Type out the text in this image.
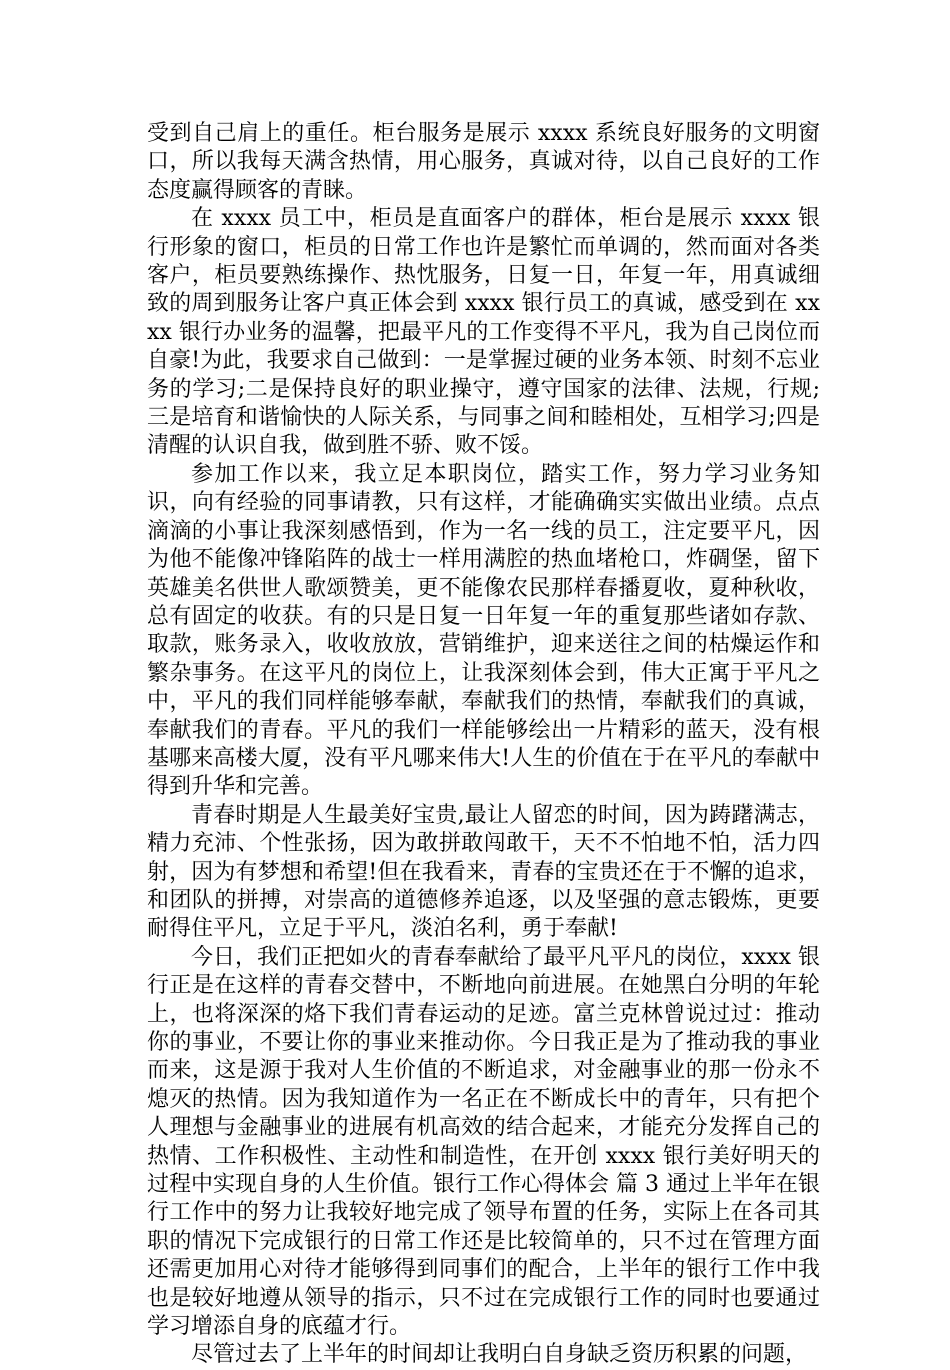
受到自己肩上的重任。柜台服务是展示 xxxx 系统良好服务的文明窗口，所以我每天满含热情，用心服务，真诚对待，以自己良好的工作态度赢得顾客的青睐。

在 xxxx 员工中，柜员是直面客户的群体，柜台是展示 xxxx 银行形象的窗口，柜员的日常工作也许是繁忙而单调的，然而面对各类客户，柜员要熟练操作、热忱服务，日复一日，年复一年，用真诚细致的周到服务让客户真正体会到 xxxx 银行员工的真诚，感受到在 xxxx 银行办业务的温馨，把最平凡的工作变得不平凡，我为自己岗位而自豪!为此，我要求自己做到：一是掌握过硬的业务本领、时刻不忘业务的学习;二是保持良好的职业操守，遵守国家的法律、法规，行规;三是培育和谐愉快的人际关系，与同事之间和睦相处，互相学习;四是清醒的认识自我，做到胜不骄、败不馁。

参加工作以来，我立足本职岗位，踏实工作，努力学习业务知识，向有经验的同事请教，只有这样，才能确确实实做出业绩。点点滴滴的小事让我深刻感悟到，作为一名一线的员工，注定要平凡，因为他不能像冲锋陷阵的战士一样用满腔的热血堵枪口，炸碉堡，留下英雄美名供世人歌颂赞美，更不能像农民那样春播夏收，夏种秋收，总有固定的收获。有的只是日复一日年复一年的重复那些诸如存款、取款，账务录入，收收放放，营销维护，迎来送往之间的枯燥运作和繁杂事务。在这平凡的岗位上，让我深刻体会到，伟大正寓于平凡之中，平凡的我们同样能够奉献，奉献我们的热情，奉献我们的真诚，奉献我们的青春。平凡的我们一样能够绘出一片精彩的蓝天，没有根基哪来高楼大厦，没有平凡哪来伟大!人生的价值在于在平凡的奉献中得到升华和完善。

青春时期是人生最美好宝贵,最让人留恋的时间，因为踌躇满志，精力充沛、个性张扬，因为敢拼敢闯敢干，天不不怕地不怕，活力四射，因为有梦想和希望!但在我看来，青春的宝贵还在于不懈的追求，和团队的拼搏，对崇高的道德修养追逐，以及坚强的意志锻炼，更要耐得住平凡，立足于平凡，淡泊名利，勇于奉献!

今日，我们正把如火的青春奉献给了最平凡平凡的岗位，xxxx 银行正是在这样的青春交替中，不断地向前进展。在她黑白分明的年轮上，也将深深的烙下我们青春运动的足迹。富兰克林曾说过过：推动你的事业，不要让你的事业来推动你。今日我正是为了推动我的事业而来，这是源于我对人生价值的不断追求，对金融事业的那一份永不熄灭的热情。因为我知道作为一名正在不断成长中的青年，只有把个人理想与金融事业的进展有机高效的结合起来，才能充分发挥自己的热情、工作积极性、主动性和制造性，在开创 xxxx 银行美好明天的过程中实现自身的人生价值。银行工作心得体会 篇 3 通过上半年在银行工作中的努力让我较好地完成了领导布置的任务，实际上在各司其职的情况下完成银行的日常工作还是比较简单的，只不过在管理方面还需更加用心对待才能够得到同事们的配合，上半年的银行工作中我也是较好地遵从领导的指示，只不过在完成银行工作的同时也要通过学习增添自身的底蕴才行。

尽管过去了上半年的时间却让我明白自身缺乏资历积累的问题，
